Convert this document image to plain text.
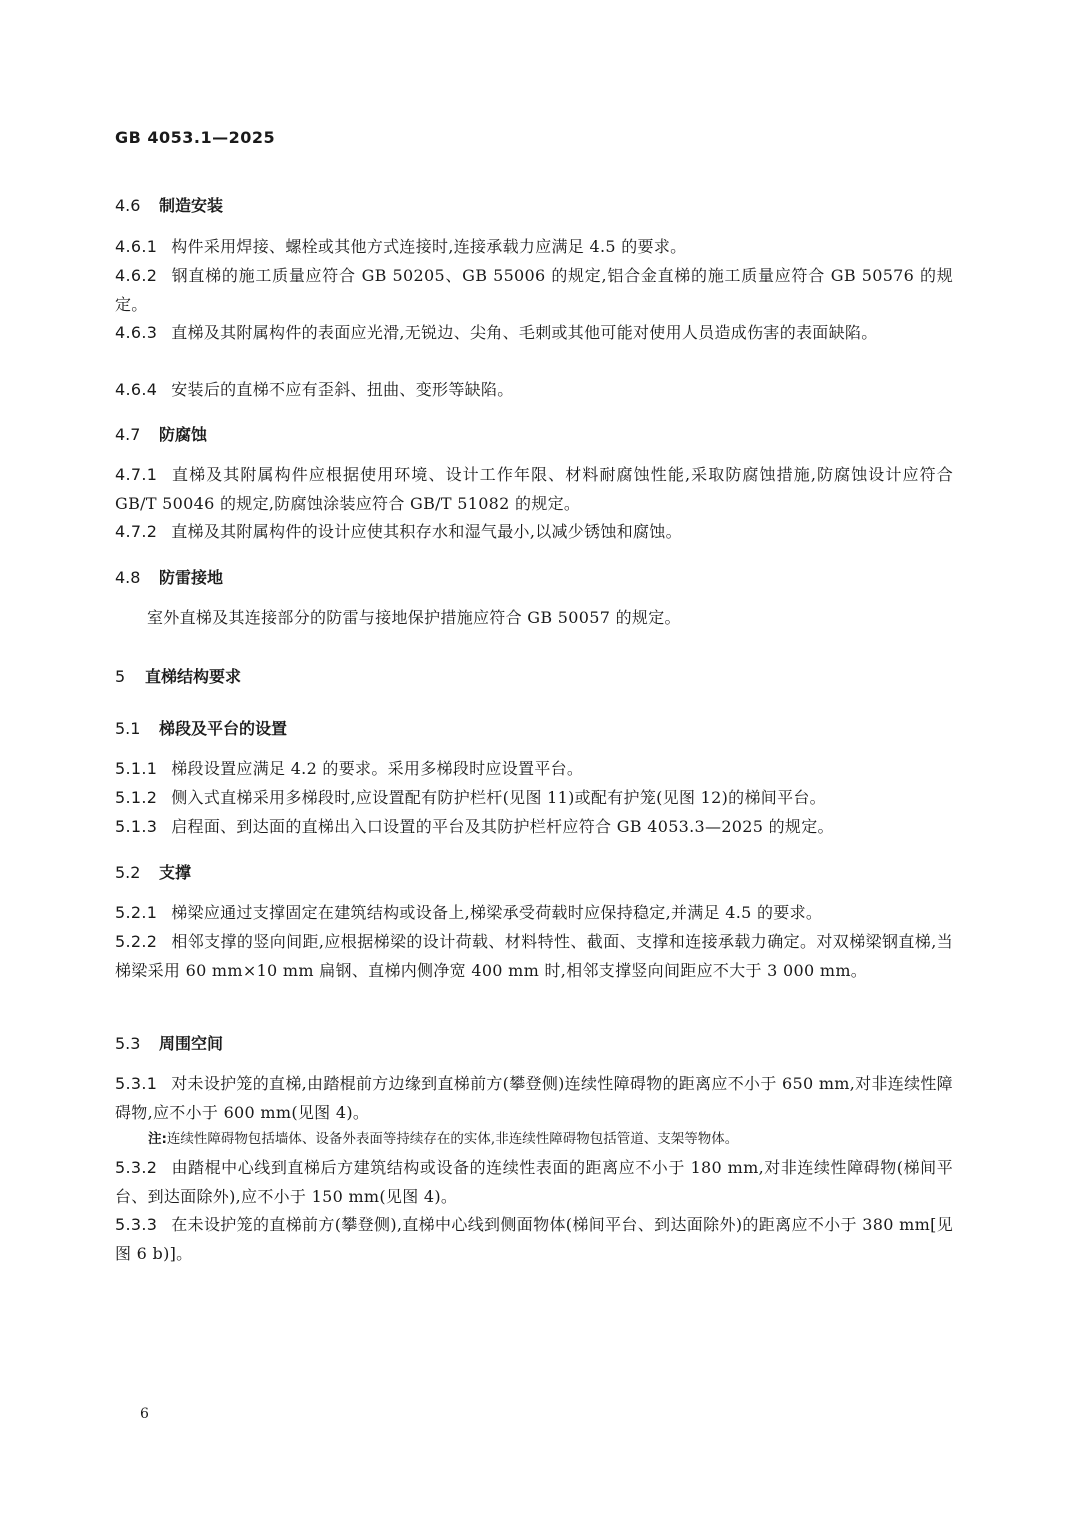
GB 4053.1—2025
4.6 制造安装
4.6.1 构件采用焊接、螺栓或其他方式连接时,连接承载力应满足 4.5 的要求。
4.6.2 钢直梯的施工质量应符合 GB 50205、GB 55006 的规定,铝合金直梯的施工质量应符合 GB 50576 的规定。
4.6.3 直梯及其附属构件的表面应光滑,无锐边、尖角、毛刺或其他可能对使用人员造成伤害的表面缺陷。
4.6.4 安装后的直梯不应有歪斜、扭曲、变形等缺陷。
4.7 防腐蚀
4.7.1 直梯及其附属构件应根据使用环境、设计工作年限、材料耐腐蚀性能,采取防腐蚀措施,防腐蚀设计应符合 GB/T 50046 的规定,防腐蚀涂装应符合 GB/T 51082 的规定。
4.7.2 直梯及其附属构件的设计应使其积存水和湿气最小,以减少锈蚀和腐蚀。
4.8 防雷接地
室外直梯及其连接部分的防雷与接地保护措施应符合 GB 50057 的规定。
5 直梯结构要求
5.1 梯段及平台的设置
5.1.1 梯段设置应满足 4.2 的要求。采用多梯段时应设置平台。
5.1.2 侧入式直梯采用多梯段时,应设置配有防护栏杆(见图 11)或配有护笼(见图 12)的梯间平台。
5.1.3 启程面、到达面的直梯出入口设置的平台及其防护栏杆应符合 GB 4053.3—2025 的规定。
5.2 支撑
5.2.1 梯梁应通过支撑固定在建筑结构或设备上,梯梁承受荷载时应保持稳定,并满足 4.5 的要求。
5.2.2 相邻支撑的竖向间距,应根据梯梁的设计荷载、材料特性、截面、支撑和连接承载力确定。对双梯梁钢直梯,当梯梁采用 60 mm×10 mm 扁钢、直梯内侧净宽 400 mm 时,相邻支撑竖向间距应不大于 3 000 mm。
5.3 周围空间
5.3.1 对未设护笼的直梯,由踏棍前方边缘到直梯前方(攀登侧)连续性障碍物的距离应不小于 650 mm,对非连续性障碍物,应不小于 600 mm(见图 4)。
注:连续性障碍物包括墙体、设备外表面等持续存在的实体,非连续性障碍物包括管道、支架等物体。
5.3.2 由踏棍中心线到直梯后方建筑结构或设备的连续性表面的距离应不小于 180 mm,对非连续性障碍物(梯间平台、到达面除外),应不小于 150 mm(见图 4)。
5.3.3 在未设护笼的直梯前方(攀登侧),直梯中心线到侧面物体(梯间平台、到达面除外)的距离应不小于 380 mm[见图 6 b)]。
6
